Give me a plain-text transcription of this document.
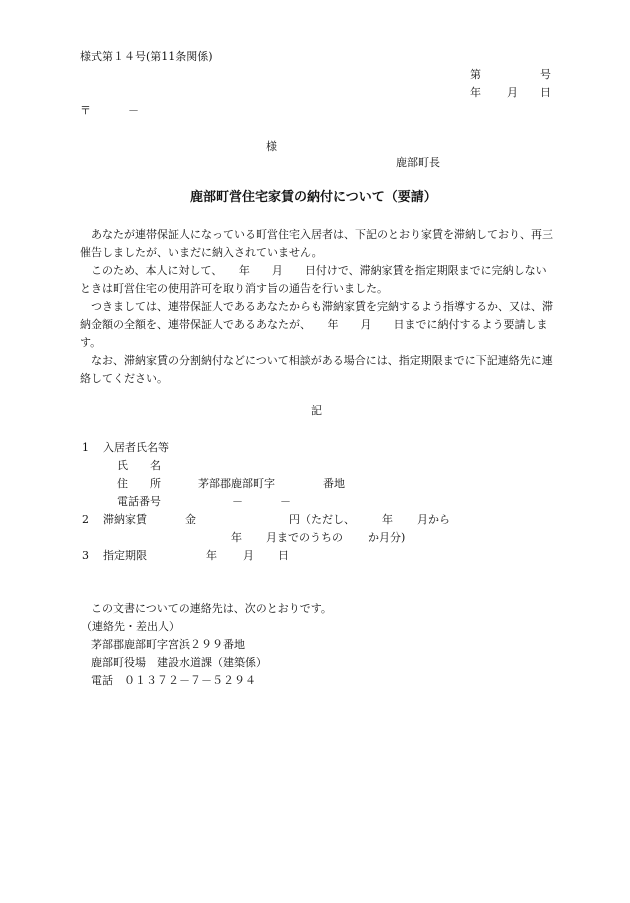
様式第１４号(第11条関係)
第	号
年 月 日
〒	－
様
鹿部町長
鹿部町営住宅家賃の納付について（要請）
あなたが連帯保証人になっている町営住宅入居者は、下記のとおり家賃を滞納しており、再三催告しましたが、いまだに納入されていません。
このため、本人に対して、　　年　　月　　日付けで、滞納家賃を指定期限までに完納しないときは町営住宅の使用許可を取り消す旨の通告を行いました。
つきましては、連帯保証人であるあなたからも滞納家賃を完納するよう指導するか、又は、滞納金額の全額を、連帯保証人であるあなたが、　　年　　月　　日までに納付するよう要請します。
なお、滞納家賃の分割納付などについて相談がある場合には、指定期限までに下記連絡先に連絡してください。
記
1 入居者氏名等
氏　　名
住　　所	茅部郡鹿部町字	番地
電話番号	－	－
2 滞納家賃	金	円（ただし、 年 月から
年 月までのうちの か月分)
3 指定期限	年 月 日
この文書についての連絡先は、次のとおりです。
（連絡先・差出人）
茅部郡鹿部町字宮浜２９９番地
鹿部町役場　建設水道課（建築係）
電話　０１３７２－７－５２９４
